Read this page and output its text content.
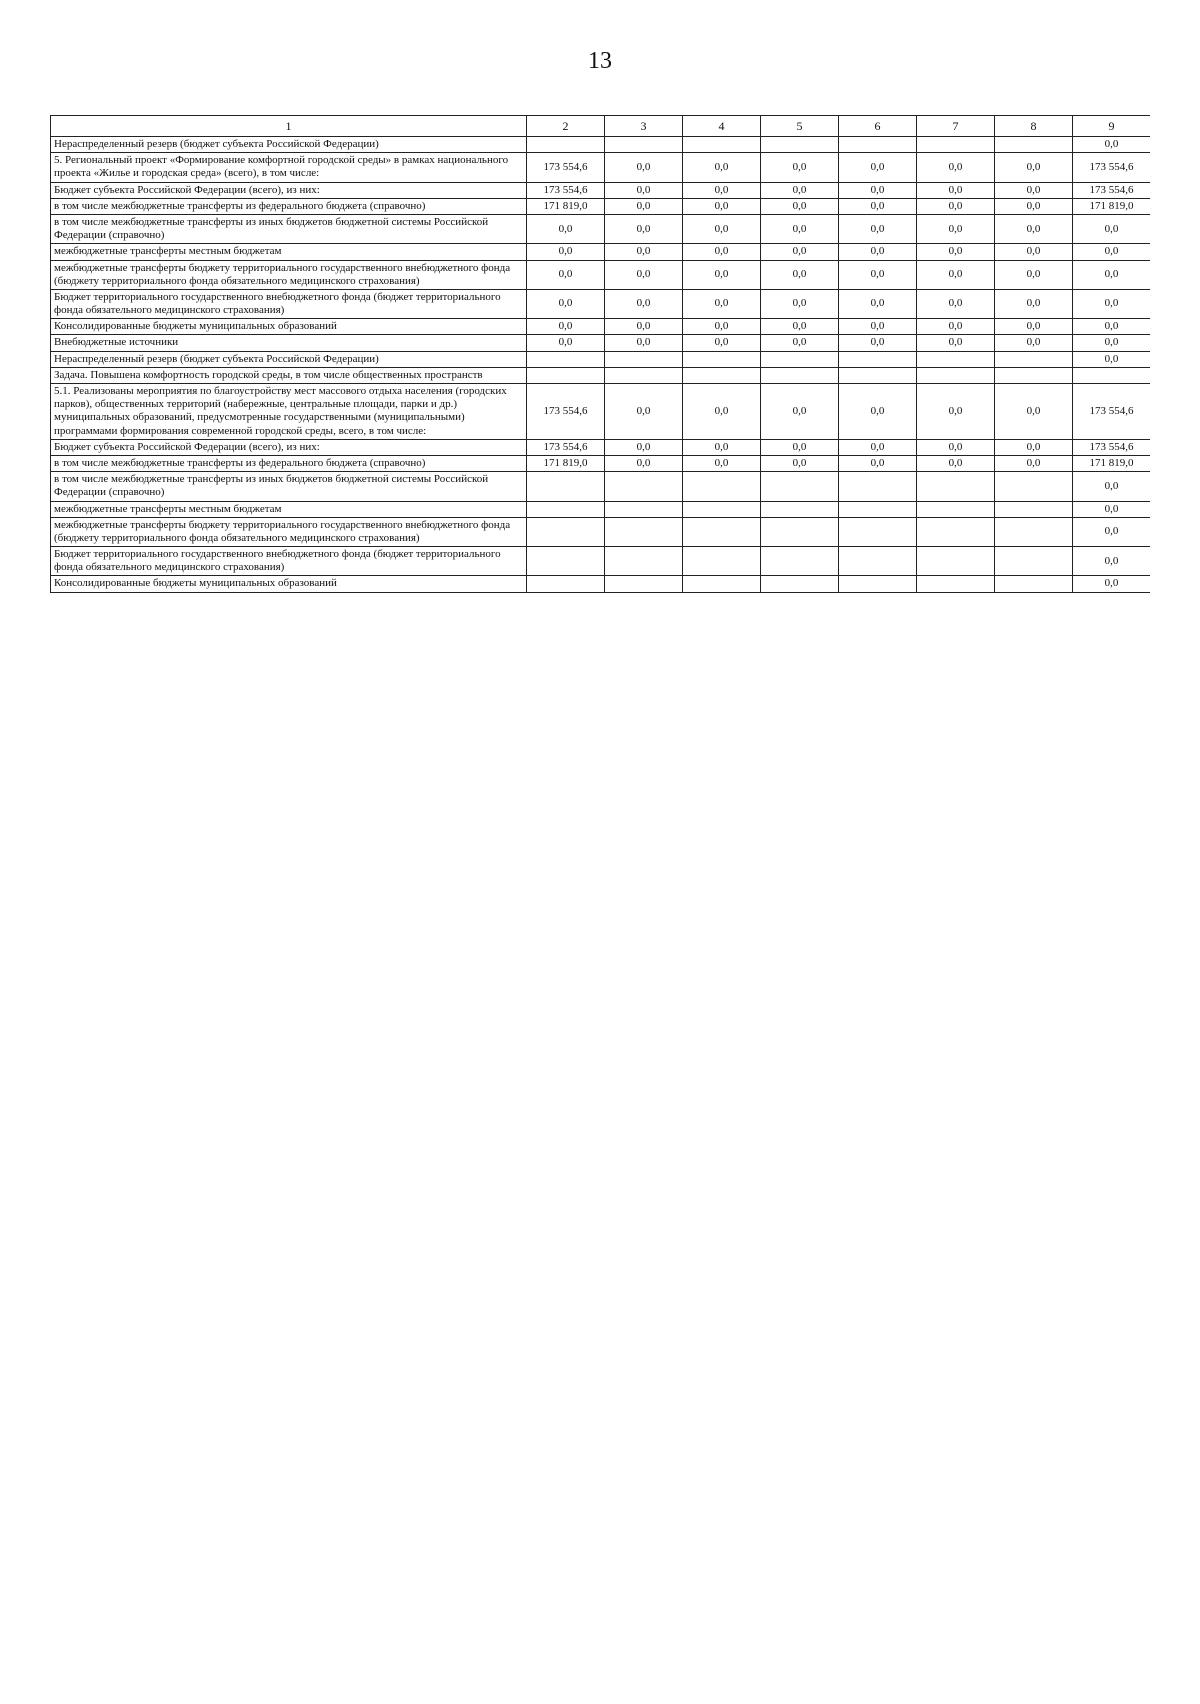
13
1	2	3	4	5	6	7	8	9
Нераспределенный резерв (бюджет субъекта Российской Федерации)								0,0
5. Региональный проект «Формирование комфортной городской среды» в рамках национального проекта «Жилье и городская среда» (всего), в том числе:	173 554,6	0,0	0,0	0,0	0,0	0,0	0,0	173 554,6
Бюджет субъекта Российской Федерации (всего), из них:	173 554,6	0,0	0,0	0,0	0,0	0,0	0,0	173 554,6
в том числе межбюджетные трансферты из федерального бюджета (справочно)	171 819,0	0,0	0,0	0,0	0,0	0,0	0,0	171 819,0
в том числе межбюджетные трансферты из иных бюджетов бюджетной системы Российской Федерации (справочно)	0,0	0,0	0,0	0,0	0,0	0,0	0,0	0,0
межбюджетные трансферты местным бюджетам	0,0	0,0	0,0	0,0	0,0	0,0	0,0	0,0
межбюджетные трансферты бюджету территориального государственного внебюджетного фонда (бюджету территориального фонда обязательного медицинского страхования)	0,0	0,0	0,0	0,0	0,0	0,0	0,0	0,0
Бюджет территориального государственного внебюджетного фонда (бюджет территориального фонда обязательного медицинского страхования)	0,0	0,0	0,0	0,0	0,0	0,0	0,0	0,0
Консолидированные бюджеты муниципальных образований	0,0	0,0	0,0	0,0	0,0	0,0	0,0	0,0
Внебюджетные источники	0,0	0,0	0,0	0,0	0,0	0,0	0,0	0,0
Нераспределенный резерв (бюджет субъекта Российской Федерации)								0,0
Задача. Повышена комфортность городской среды, в том числе общественных пространств								
5.1. Реализованы мероприятия по благоустройству мест массового отдыха населения (городских парков), общественных территорий (набережные, центральные площади, парки и др.) муниципальных образований, предусмотренные государственными (муниципальными) программами формирования современной городской среды, всего, в том числе:	173 554,6	0,0	0,0	0,0	0,0	0,0	0,0	173 554,6
Бюджет субъекта Российской Федерации (всего), из них:	173 554,6	0,0	0,0	0,0	0,0	0,0	0,0	173 554,6
в том числе межбюджетные трансферты из федерального бюджета (справочно)	171 819,0	0,0	0,0	0,0	0,0	0,0	0,0	171 819,0
в том числе межбюджетные трансферты из иных бюджетов бюджетной системы Российской Федерации (справочно)								0,0
межбюджетные трансферты местным бюджетам								0,0
межбюджетные трансферты бюджету территориального государственного внебюджетного фонда (бюджету территориального фонда обязательного медицинского страхования)								0,0
Бюджет территориального государственного внебюджетного фонда (бюджет территориального фонда обязательного медицинского страхования)								0,0
Консолидированные бюджеты муниципальных образований								0,0
